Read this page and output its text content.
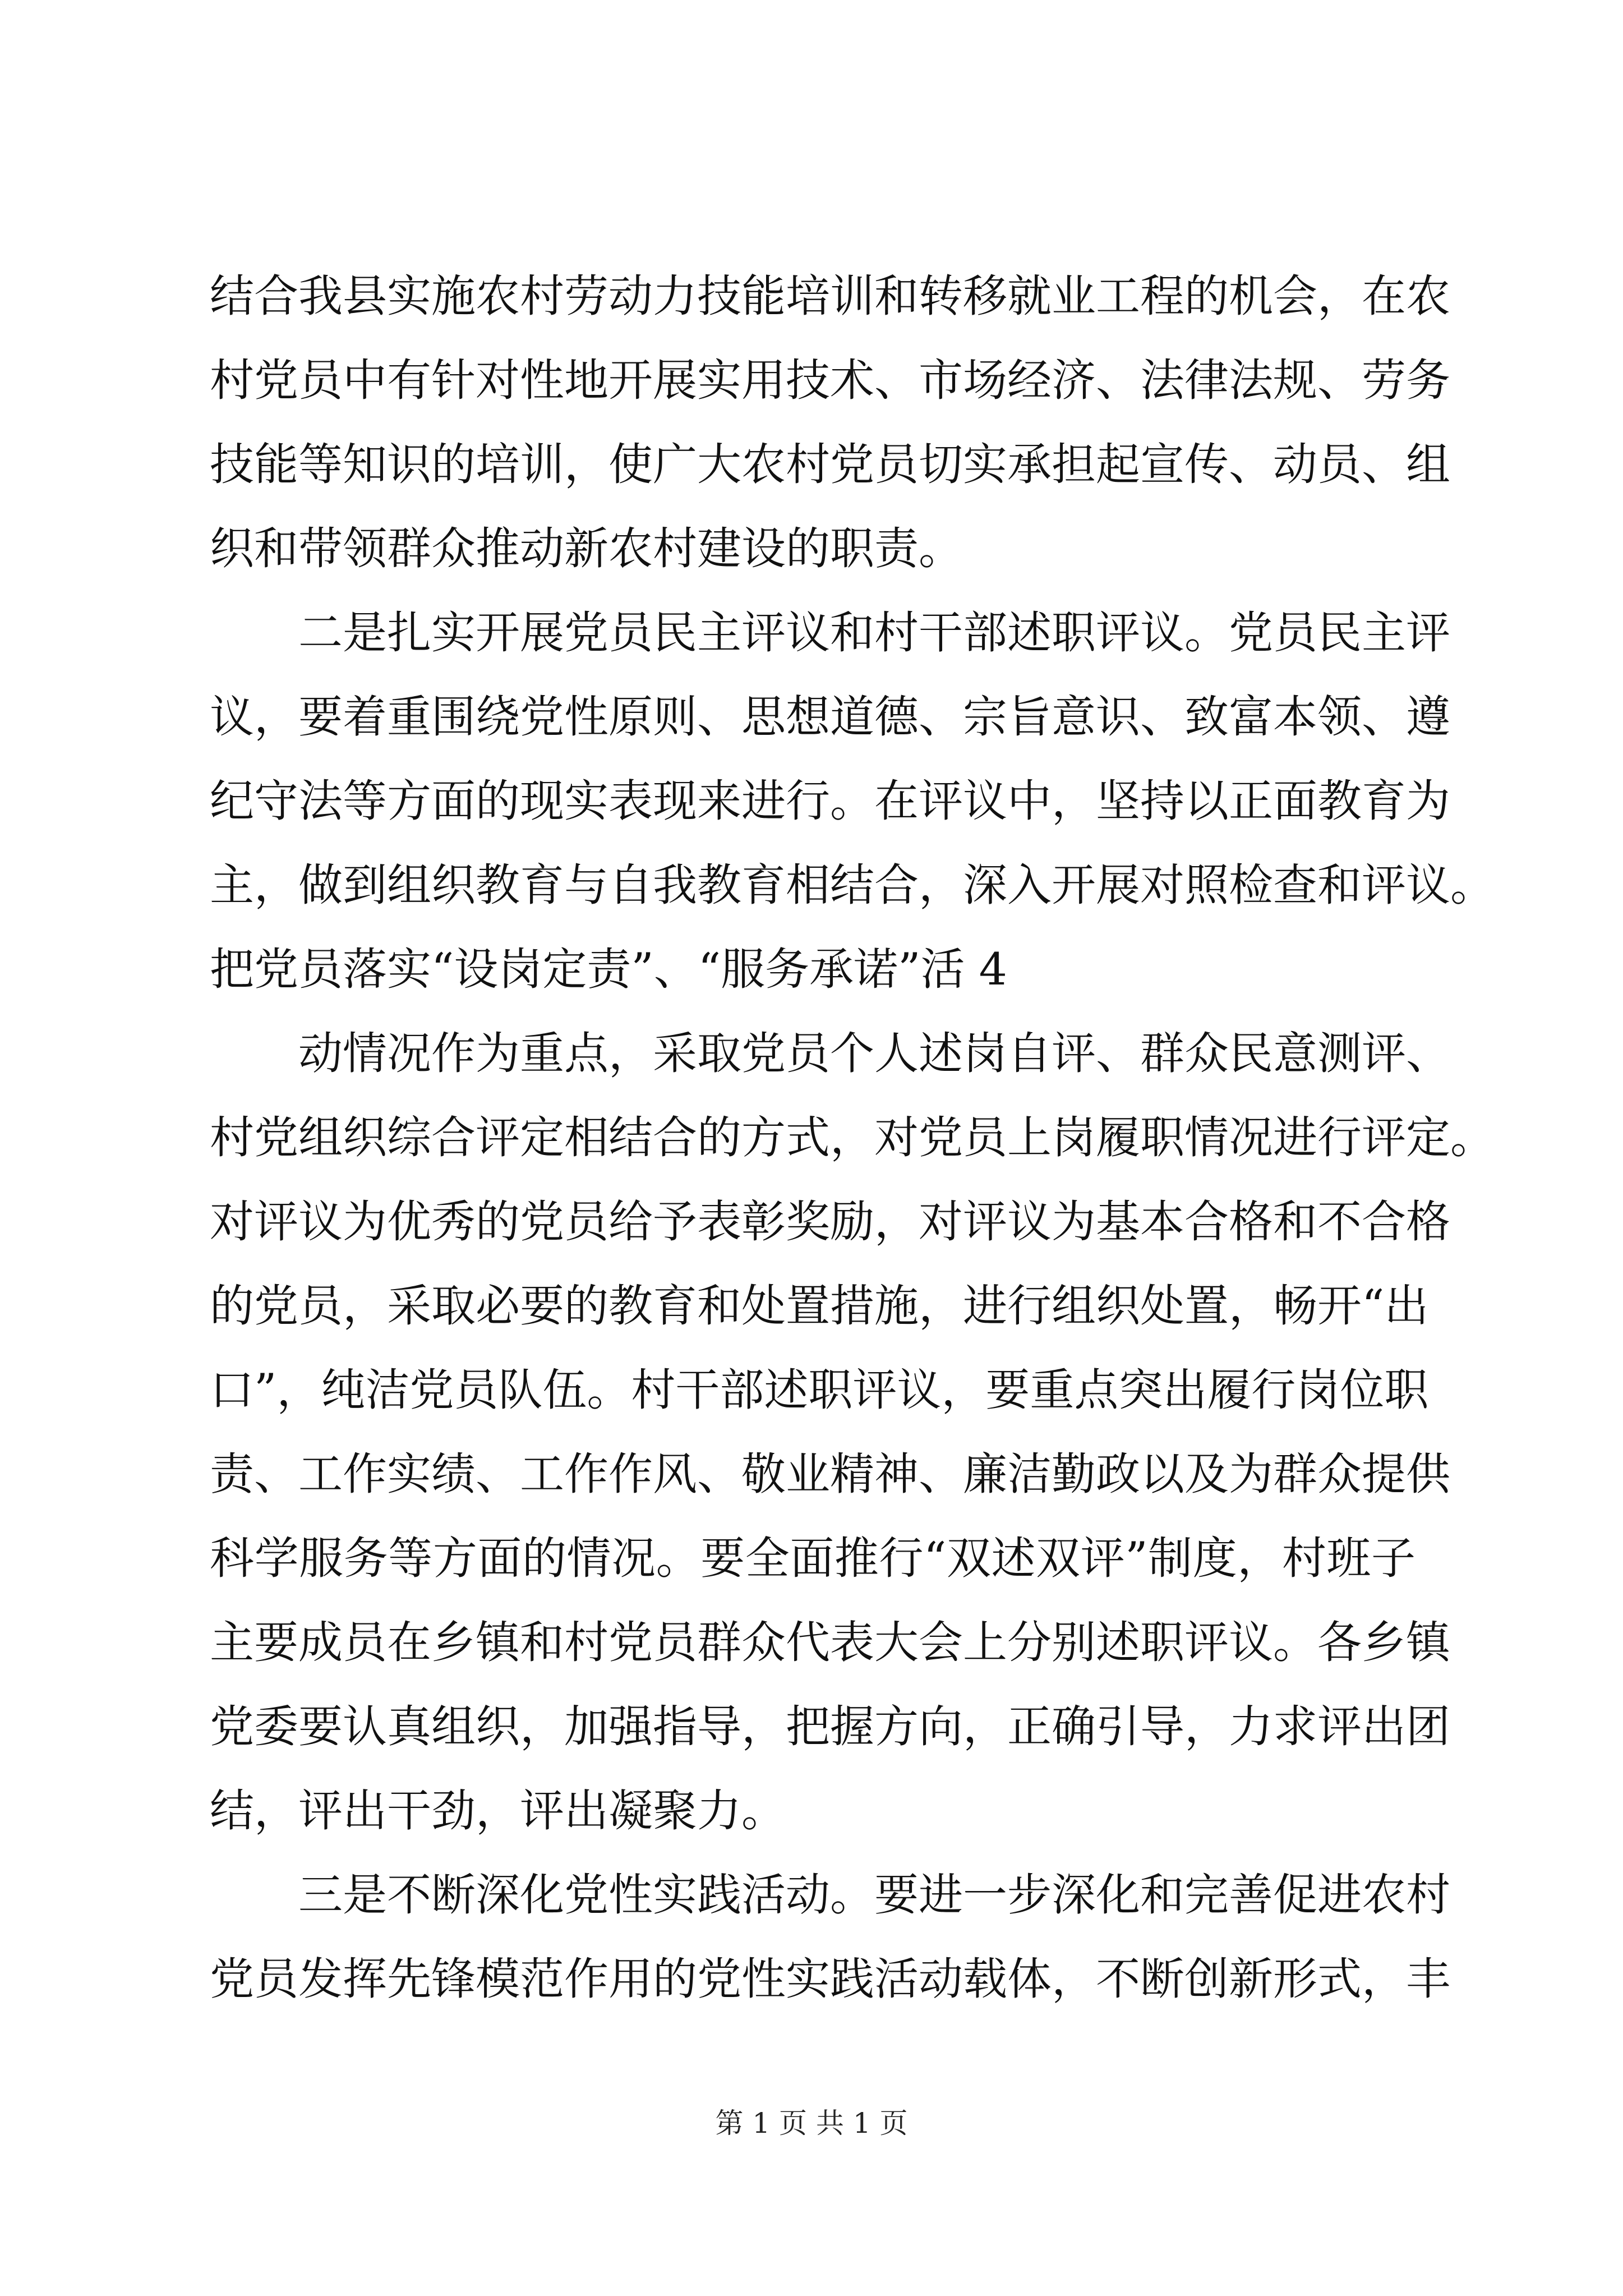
结合我县实施农村劳动力技能培训和转移就业工程的机会，在农
村党员中有针对性地开展实用技术、市场经济、法律法规、劳务
技能等知识的培训，使广大农村党员切实承担起宣传、动员、组
织和带领群众推动新农村建设的职责。
二是扎实开展党员民主评议和村干部述职评议。党员民主评
议，要着重围绕党性原则、思想道德、宗旨意识、致富本领、遵
纪守法等方面的现实表现来进行。在评议中，坚持以正面教育为
主，做到组织教育与自我教育相结合，深入开展对照检查和评议。
把党员落实“设岗定责”、“服务承诺”活 4
动情况作为重点，采取党员个人述岗自评、群众民意测评、
村党组织综合评定相结合的方式，对党员上岗履职情况进行评定。
对评议为优秀的党员给予表彰奖励，对评议为基本合格和不合格
的党员，采取必要的教育和处置措施，进行组织处置，畅开“出
口”，纯洁党员队伍。村干部述职评议，要重点突出履行岗位职
责、工作实绩、工作作风、敬业精神、廉洁勤政以及为群众提供
科学服务等方面的情况。要全面推行“双述双评”制度，村班子
主要成员在乡镇和村党员群众代表大会上分别述职评议。各乡镇
党委要认真组织，加强指导，把握方向，正确引导，力求评出团
结，评出干劲，评出凝聚力。
三是不断深化党性实践活动。要进一步深化和完善促进农村
党员发挥先锋模范作用的党性实践活动载体，不断创新形式，丰
第 1 页 共 1 页
